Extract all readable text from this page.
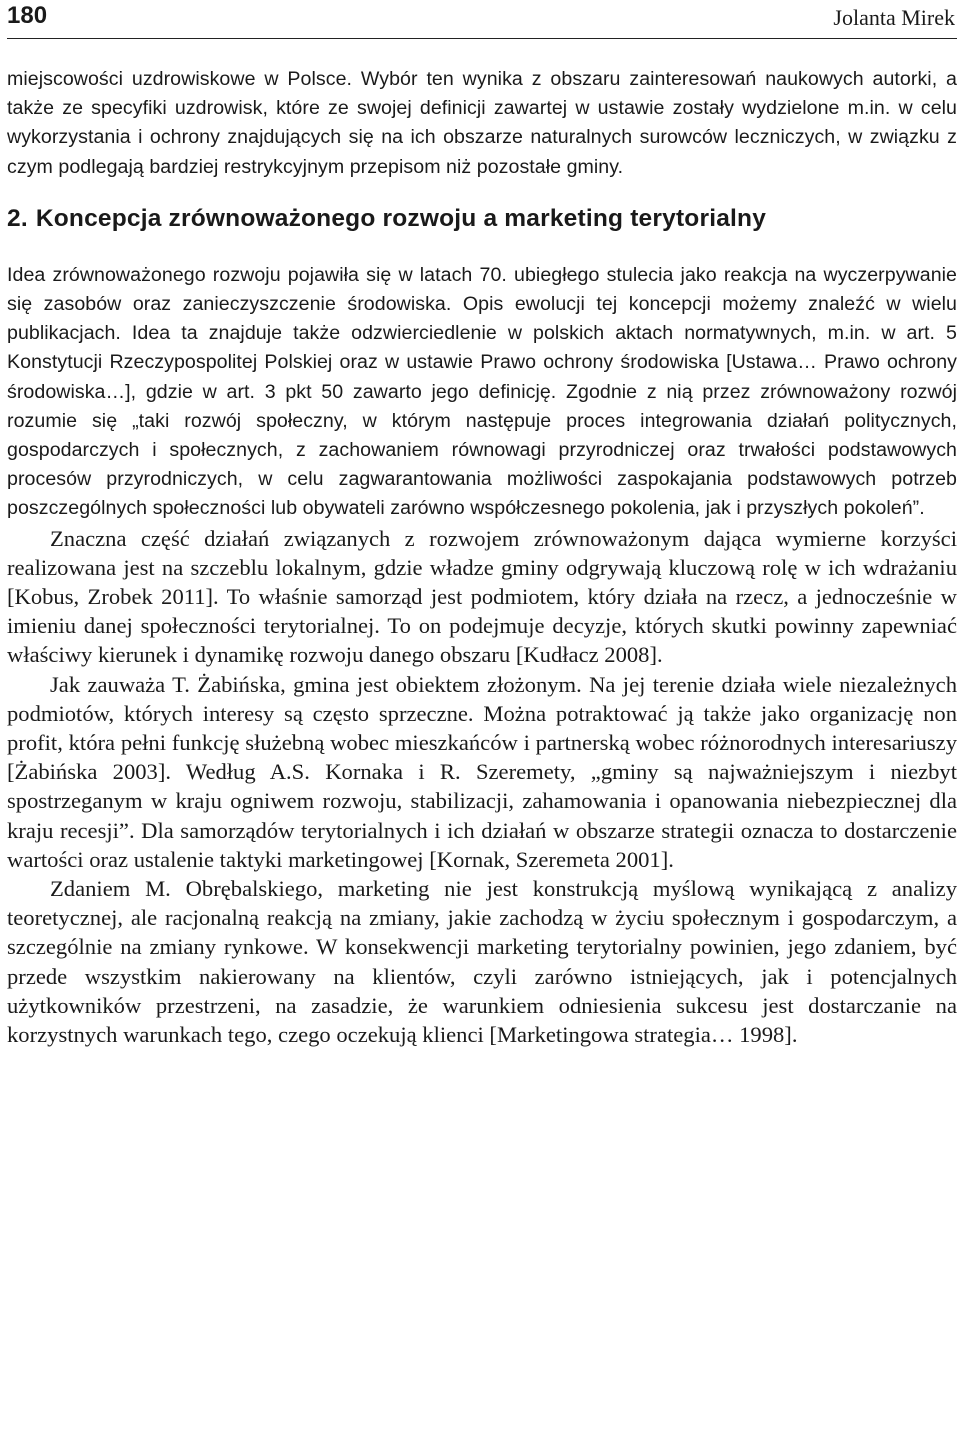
180	Jolanta Mirek

miejscowości uzdrowiskowe w Polsce. Wybór ten wynika z obszaru zainteresowań naukowych autorki, a także ze specyfiki uzdrowisk, które ze swojej definicji zawartej w ustawie zostały wydzielone m.in. w celu wykorzystania i ochrony znajdujących się na ich obszarze naturalnych surowców leczniczych, w związku z czym podlegają bardziej restrykcyjnym przepisom niż pozostałe gminy.

2. Koncepcja zrównoważonego rozwoju a marketing terytorialny

Idea zrównoważonego rozwoju pojawiła się w latach 70. ubiegłego stulecia jako reakcja na wyczerpywanie się zasobów oraz zanieczyszczenie środowiska. Opis ewolucji tej koncepcji możemy znaleźć w wielu publikacjach. Idea ta znajduje także odzwierciedlenie w polskich aktach normatywnych, m.in. w art. 5 Konstytucji Rzeczypospolitej Polskiej oraz w ustawie Prawo ochrony środowiska [Ustawa… Prawo ochrony środowiska…], gdzie w art. 3 pkt 50 zawarto jego definicję. Zgodnie z nią przez zrównoważony rozwój rozumie się „taki rozwój społeczny, w którym następuje proces integrowania działań politycznych, gospodarczych i społecznych, z zachowaniem równowagi przyrodniczej oraz trwałości podstawowych procesów przyrodniczych, w celu zagwarantowania możliwości zaspokajania podstawowych potrzeb poszczególnych społeczności lub obywateli zarówno współczesnego pokolenia, jak i przyszłych pokoleń”.

Znaczna część działań związanych z rozwojem zrównoważonym dająca wymierne korzyści realizowana jest na szczeblu lokalnym, gdzie władze gminy odgrywają kluczową rolę w ich wdrażaniu [Kobus, Zrobek 2011]. To właśnie samorząd jest podmiotem, który działa na rzecz, a jednocześnie w imieniu danej społeczności terytorialnej. To on podejmuje decyzje, których skutki powinny zapewniać właściwy kierunek i dynamikę rozwoju danego obszaru [Kudłacz 2008].

Jak zauważa T. Żabińska, gmina jest obiektem złożonym. Na jej terenie działa wiele niezależnych podmiotów, których interesy są często sprzeczne. Można potraktować ją także jako organizację non profit, która pełni funkcję służebną wobec mieszkańców i partnerską wobec różnorodnych interesariuszy [Żabińska 2003]. Według A.S. Kornaka i R. Szeremety, „gminy są najważniejszym i niezbyt spostrzeganym w kraju ogniwem rozwoju, stabilizacji, zahamowania i opanowania niebezpiecznej dla kraju recesji”. Dla samorządów terytorialnych i ich działań w obszarze strategii oznacza to dostarczenie wartości oraz ustalenie taktyki marketingowej [Kornak, Szeremeta 2001].

Zdaniem M. Obrębalskiego, marketing nie jest konstrukcją myślową wynikającą z analizy teoretycznej, ale racjonalną reakcją na zmiany, jakie zachodzą w życiu społecznym i gospodarczym, a szczególnie na zmiany rynkowe. W konsekwencji marketing terytorialny powinien, jego zdaniem, być przede wszystkim nakierowany na klientów, czyli zarówno istniejących, jak i potencjalnych użytkowników przestrzeni, na zasadzie, że warunkiem odniesienia sukcesu jest dostarczanie na korzystnych warunkach tego, czego oczekują klienci [Marketingowa strategia… 1998].
